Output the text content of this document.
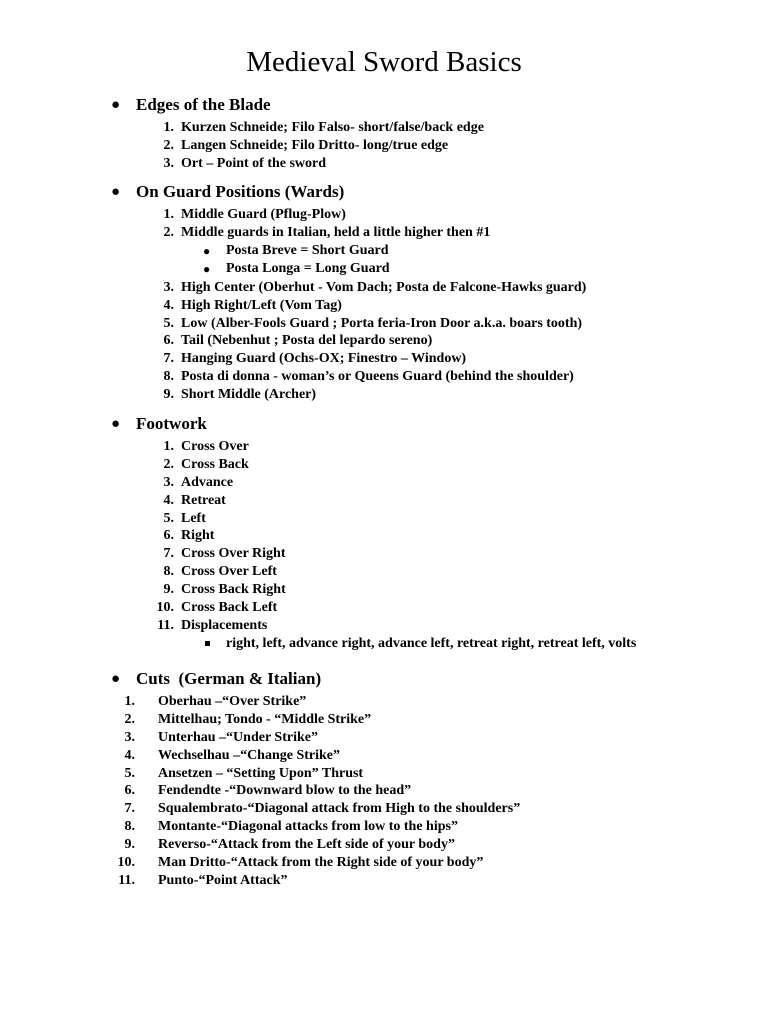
Medieval Sword Basics
● Edges of the Blade
1. Kurzen Schneide; Filo Falso- short/false/back edge
2. Langen Schneide; Filo Dritto- long/true edge
3. Ort – Point of the sword
● On Guard Positions (Wards)
1. Middle Guard (Pflug-Plow)
2. Middle guards in Italian, held a little higher then #1
● Posta Breve = Short Guard
● Posta Longa = Long Guard
3. High Center (Oberhut - Vom Dach; Posta de Falcone-Hawks guard)
4. High Right/Left (Vom Tag)
5. Low (Alber-Fools Guard ; Porta feria-Iron Door a.k.a. boars tooth)
6. Tail (Nebenhut ; Posta del lepardo sereno)
7. Hanging Guard (Ochs-OX; Finestro – Window)
8. Posta di donna - woman’s or Queens Guard (behind the shoulder)
9. Short Middle (Archer)
● Footwork
1. Cross Over
2. Cross Back
3. Advance
4. Retreat
5. Left
6. Right
7. Cross Over Right
8. Cross Over Left
9. Cross Back Right
10. Cross Back Left
11. Displacements
right, left, advance right, advance left, retreat right, retreat left, volts
● Cuts  (German & Italian)
1. Oberhau –“Over Strike”
2. Mittelhau; Tondo - “Middle Strike”
3. Unterhau –“Under Strike”
4. Wechselhau –“Change Strike”
5. Ansetzen – “Setting Upon” Thrust
6. Fendendte -“Downward blow to the head”
7. Squalembrato-“Diagonal attack from High to the shoulders”
8. Montante-“Diagonal attacks from low to the hips”
9. Reverso-“Attack from the Left side of your body”
10. Man Dritto-“Attack from the Right side of your body”
11. Punto-“Point Attack”
